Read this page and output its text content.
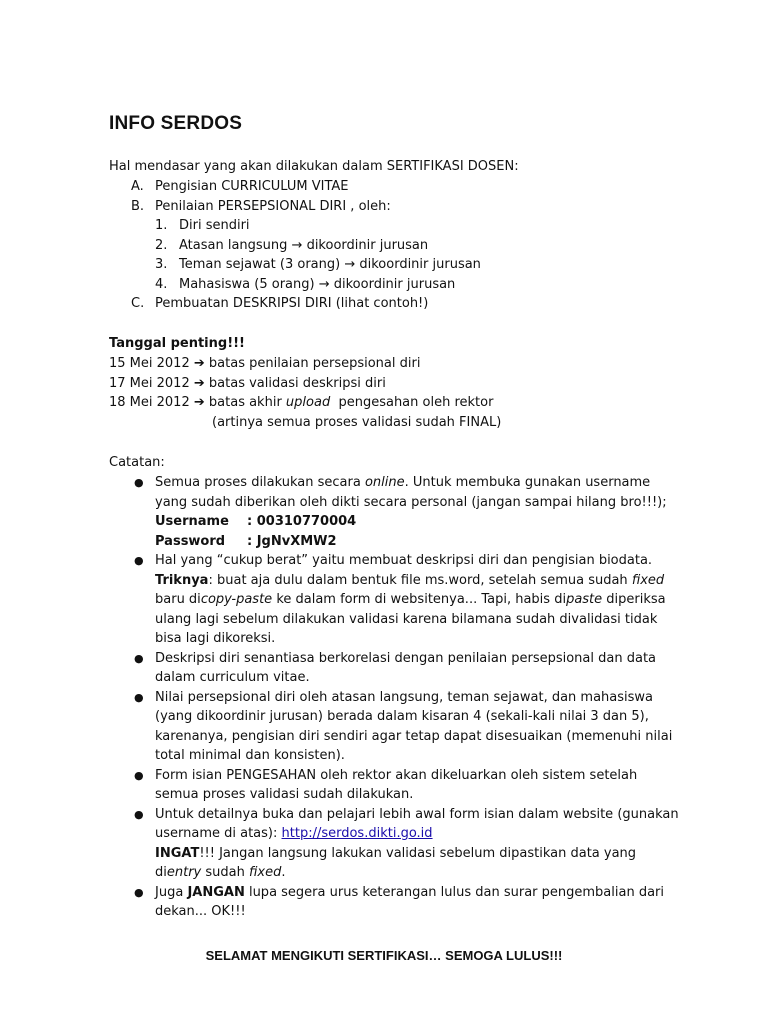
INFO SERDOS
Hal mendasar yang akan dilakukan dalam SERTIFIKASI DOSEN:
A. Pengisian CURRICULUM VITAE
B. Penilaian PERSEPSIONAL DIRI , oleh:
1. Diri sendiri
2. Atasan langsung → dikoordinir jurusan
3. Teman sejawat (3 orang) → dikoordinir jurusan
4. Mahasiswa (5 orang) → dikoordinir jurusan
C. Pembuatan DESKRIPSI DIRI (lihat contoh!)
Tanggal penting!!!
15 Mei 2012 ➔ batas penilaian persepsional diri
17 Mei 2012 ➔ batas validasi deskripsi diri
18 Mei 2012 ➔ batas akhir upload  pengesahan oleh rektor
(artinya semua proses validasi sudah FINAL)
Catatan:
● Semua proses dilakukan secara online. Untuk membuka gunakan username
yang sudah diberikan oleh dikti secara personal (jangan sampai hilang bro!!!);
Username : 00310770004
Password : JgNvXMW2
● Hal yang “cukup berat” yaitu membuat deskripsi diri dan pengisian biodata.
Triknya: buat aja dulu dalam bentuk file ms.word, setelah semua sudah fixed
baru dicopy-paste ke dalam form di websitenya... Tapi, habis dipaste diperiksa
ulang lagi sebelum dilakukan validasi karena bilamana sudah divalidasi tidak
bisa lagi dikoreksi.
● Deskripsi diri senantiasa berkorelasi dengan penilaian persepsional dan data
dalam curriculum vitae.
● Nilai persepsional diri oleh atasan langsung, teman sejawat, dan mahasiswa
(yang dikoordinir jurusan) berada dalam kisaran 4 (sekali-kali nilai 3 dan 5),
karenanya, pengisian diri sendiri agar tetap dapat disesuaikan (memenuhi nilai
total minimal dan konsisten).
● Form isian PENGESAHAN oleh rektor akan dikeluarkan oleh sistem setelah
semua proses validasi sudah dilakukan.
● Untuk detailnya buka dan pelajari lebih awal form isian dalam website (gunakan
username di atas): http://serdos.dikti.go.id
INGAT!!! Jangan langsung lakukan validasi sebelum dipastikan data yang
dientry sudah fixed.
● Juga JANGAN lupa segera urus keterangan lulus dan surar pengembalian dari
dekan... OK!!!
SELAMAT MENGIKUTI SERTIFIKASI… SEMOGA LULUS!!!
